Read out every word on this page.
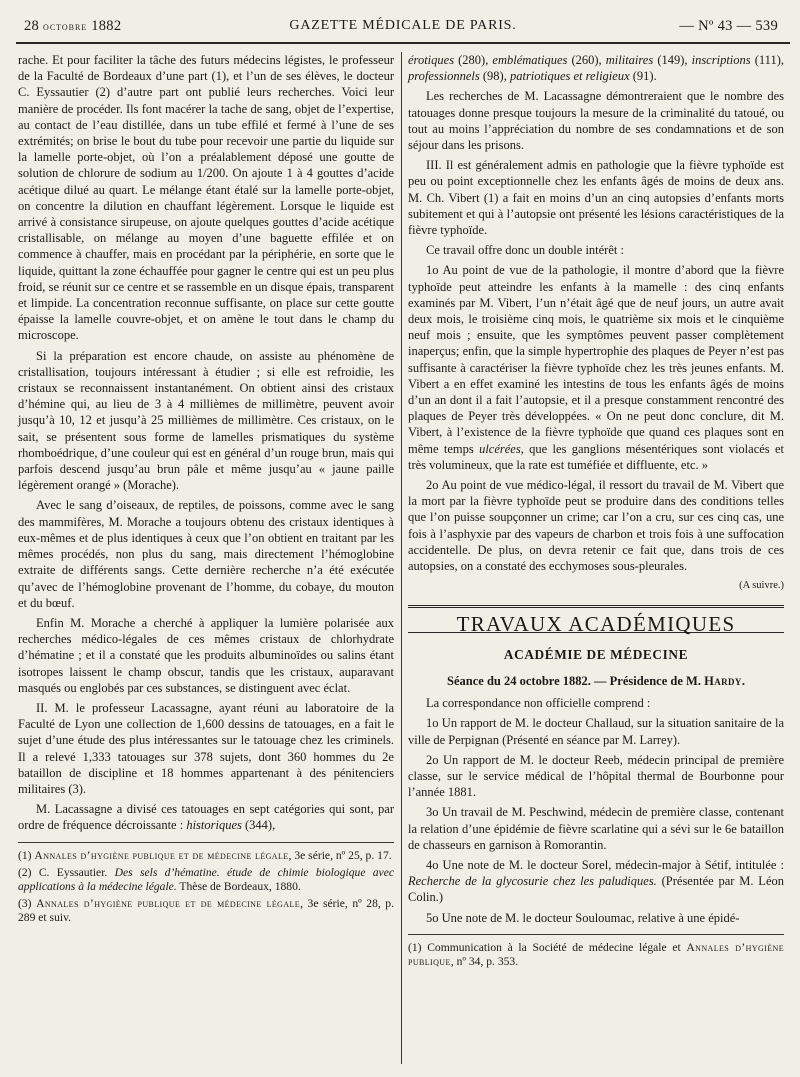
28 octobre 1882	GAZETTE MÉDICALE DE PARIS.	— Nº 43 — 539

rache. Et pour faciliter la tâche des futurs médecins légistes, le professeur de la Faculté de Bordeaux d’une part (1), et l’un de ses élèves, le docteur C. Eyssautier (2) d’autre part ont publié leurs recherches. Voici leur manière de procéder. Ils font macérer la tache de sang, objet de l’expertise, au contact de l’eau distillée, dans un tube effilé et fermé à l’une de ses extrémités; on brise le bout du tube pour recevoir une partie du liquide sur la lamelle porte-objet, où l’on a préalablement déposé une goutte de solution de chlorure de sodium au 1/200. On ajoute 1 à 4 gouttes d’acide acétique dilué au quart. Le mélange étant étalé sur la lamelle porte-objet, on concentre la dilution en chauffant légèrement. Lorsque le liquide est arrivé à consistance sirupeuse, on ajoute quelques gouttes d’acide acétique cristallisable, on mélange au moyen d’une baguette effilée et on commence à chauffer, mais en procédant par la périphérie, en sorte que le liquide, quittant la zone échauffée pour gagner le centre qui est un peu plus froid, se réunit sur ce centre et se rassemble en un disque épais, transparent et limpide. La concentration reconnue suffisante, on place sur cette goutte épaisse la lamelle couvre-objet, et on amène le tout dans le champ du microscope.

Si la préparation est encore chaude, on assiste au phénomène de cristallisation, toujours intéressant à étudier ; si elle est refroidie, les cristaux se reconnaissent instantanément. On obtient ainsi des cristaux d’hémine qui, au lieu de 3 à 4 millièmes de millimètre, peuvent avoir jusqu’à 10, 12 et jusqu’à 25 millièmes de millimètre. Ces cristaux, on le sait, se présentent sous forme de lamelles prismatiques du système rhomboédrique, d’une couleur qui est en général d’un rouge brun, mais qui parfois descend jusqu’au brun pâle et même jusqu’au « jaune paille légèrement orangé » (Morache).

Avec le sang d’oiseaux, de reptiles, de poissons, comme avec le sang des mammifères, M. Morache a toujours obtenu des cristaux identiques à eux-mêmes et de plus identiques à ceux que l’on obtient en traitant par les mêmes procédés, non plus du sang, mais directement l’hémoglobine extraite de différents sangs. Cette dernière recherche n’a été exécutée qu’avec de l’hémoglobine provenant de l’homme, du cobaye, du mouton et du bœuf.

Enfin M. Morache a cherché à appliquer la lumière polarisée aux recherches médico-légales de ces mêmes cristaux de chlorhydrate d’hématine ; et il a constaté que les produits albuminoïdes ou salins étant isotropes laissent le champ obscur, tandis que les cristaux, auparavant masqués ou englobés par ces substances, se distinguent avec éclat.

II. M. le professeur Lacassagne, ayant réuni au laboratoire de la Faculté de Lyon une collection de 1,600 dessins de tatouages, en a fait le sujet d’une étude des plus intéressantes sur le tatouage chez les criminels. Il a relevé 1,333 tatouages sur 378 sujets, dont 360 hommes du 2e bataillon de discipline et 18 hommes appartenant à des pénitenciers militaires (3).

M. Lacassagne a divisé ces tatouages en sept catégories qui sont, par ordre de fréquence décroissante : historiques (344),

(1) Annales d’hygiène publique et de médecine légale, 3e série, nº 25, p. 17.

(2) C. Eyssautier. Des sels d’hématine. étude de chimie biologique avec applications à la médecine légale. Thèse de Bordeaux, 1880.

(3) Annales d’hygiène publique et de médecine légale, 3e série, nº 28, p. 289 et suiv.

érotiques (280), emblématiques (260), militaires (149), inscriptions (111), professionnels (98), patriotiques et religieux (91).

Les recherches de M. Lacassagne démontreraient que le nombre des tatouages donne presque toujours la mesure de la criminalité du tatoué, ou tout au moins l’appréciation du nombre de ses condamnations et de son séjour dans les prisons.

III. Il est généralement admis en pathologie que la fièvre typhoïde est peu ou point exceptionnelle chez les enfants âgés de moins de deux ans. M. Ch. Vibert (1) a fait en moins d’un an cinq autopsies d’enfants morts subitement et qui à l’autopsie ont présenté les lésions caractéristiques de la fièvre typhoïde.

Ce travail offre donc un double intérêt :

1o Au point de vue de la pathologie, il montre d’abord que la fièvre typhoïde peut atteindre les enfants à la mamelle : des cinq enfants examinés par M. Vibert, l’un n’était âgé que de neuf jours, un autre avait deux mois, le troisième cinq mois, le quatrième six mois et le cinquième neuf mois ; ensuite, que les symptômes peuvent passer complètement inaperçus; enfin, que la simple hypertrophie des plaques de Peyer n’est pas suffisante à caractériser la fièvre typhoïde chez les très jeunes enfants. M. Vibert a en effet examiné les intestins de tous les enfants âgés de moins d’un an dont il a fait l’autopsie, et il a presque constamment rencontré des plaques de Peyer très développées. « On ne peut donc conclure, dit M. Vibert, à l’existence de la fièvre typhoïde que quand ces plaques sont en même temps ulcérées, que les ganglions mésentériques sont violacés et très volumineux, que la rate est tuméfiée et diffluente, etc. »

2o Au point de vue médico-légal, il ressort du travail de M. Vibert que la mort par la fièvre typhoïde peut se produire dans des conditions telles que l’on puisse soupçonner un crime; car l’on a cru, sur ces cinq cas, une fois à l’asphyxie par des vapeurs de charbon et trois fois à une suffocation accidentelle. De plus, on devra retenir ce fait que, dans trois de ces autopsies, on a constaté des ecchymoses sous-pleurales.

(A suivre.)

TRAVAUX ACADÉMIQUES

ACADÉMIE DE MÉDECINE

Séance du 24 octobre 1882. — Présidence de M. Hardy.

La correspondance non officielle comprend :

1o Un rapport de M. le docteur Challaud, sur la situation sanitaire de la ville de Perpignan (Présenté en séance par M. Larrey).

2o Un rapport de M. le docteur Reeb, médecin principal de première classe, sur le service médical de l’hôpital thermal de Bourbonne pour l’année 1881.

3o Un travail de M. Peschwind, médecin de première classe, contenant la relation d’une épidémie de fièvre scarlatine qui a sévi sur le 6e bataillon de chasseurs en garnison à Romorantin.

4o Une note de M. le docteur Sorel, médecin-major à Sétif, intitulée : Recherche de la glycosurie chez les paludiques. (Présentée par M. Léon Colin.)

5o Une note de M. le docteur Souloumac, relative à une épidé-

(1) Communication à la Société de médecine légale et Annales d’hygiène publique, nº 34, p. 353.
